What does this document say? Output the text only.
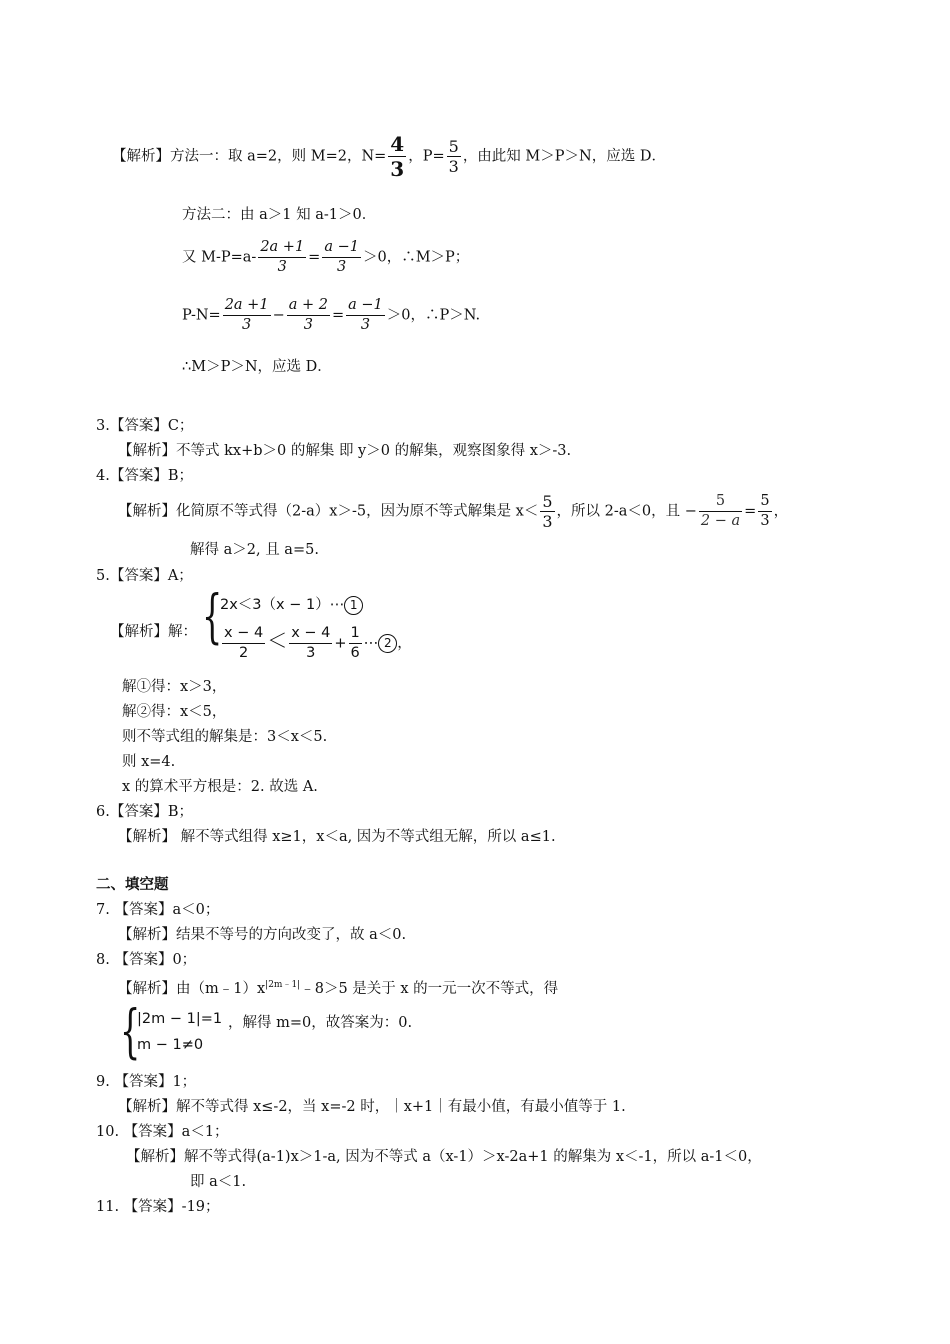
【解析】方法一：取 a=2，则 M=2，$N= \frac{4}{3}$ ，$P= \frac{5}{3}$ ，由此知 M＞P＞N，应选 D．
方法二：由 a＞1 知 a-1＞0．
又 $M-P=a- \frac{2a +1}{3} = \frac{a -1}{3} >0$，∴M＞P；
$P-N= \frac{2a +1}{3} - \frac{a + 2}{3} = \frac{a -1}{3} >0$，∴P＞N.
∴M＞P＞N，应选 D．
3.【答案】C；
【解析】不等式 kx+b＞0 的解集 即 y＞0 的解集，观察图象得 x＞-3.
4.【答案】B；
【解析】化简原不等式得（2-a）x＞-5，因为原不等式解集是 $x< \frac{5}{3}$ ，所以 2-a＜0，且 − $\frac{5}{2 - a} = \frac{5}{3}$ ，
解得 a＞2, 且 a=5.
5.【答案】A；
【解析】解： {
2x＜3（x − 1）⋯ 1
$\frac{x - 4}{2} < \frac{x - 4}{3} + \frac{1}{6}$ ⋯ 2 ，
解①得：x＞3，
解②得：x＜5，
则不等式组的解集是：3＜x＜5.
则 x=4.
x 的算术平方根是：2. 故选 A.
6.【答案】B；
【解析】 解不等式组得 x≥1，x＜a, 因为不等式组无解，所以 a≤1.
二、填空题
7. 【答案】a＜0；
【解析】结果不等号的方向改变了，故 a＜0.
8. 【答案】0；
【解析】由$(m﹣1)x^{|2m﹣1|}﹣8>5$ 是关于 x 的一元一次不等式，得
{
|2m − 1|=1
m − 1≠0
，解得 m=0，故答案为：0.
9. 【答案】1；
【解析】解不等式得 x≤-2，当 x=-2 时，｜x+1｜有最小值，有最小值等于 1.
10. 【答案】a＜1；
【解析】解不等式得(a-1)x＞1-a, 因为不等式 a（x-1）＞x-2a+1 的解集为 x＜-1，所以 a-1＜0，
即 a＜1.
11. 【答案】-19；
